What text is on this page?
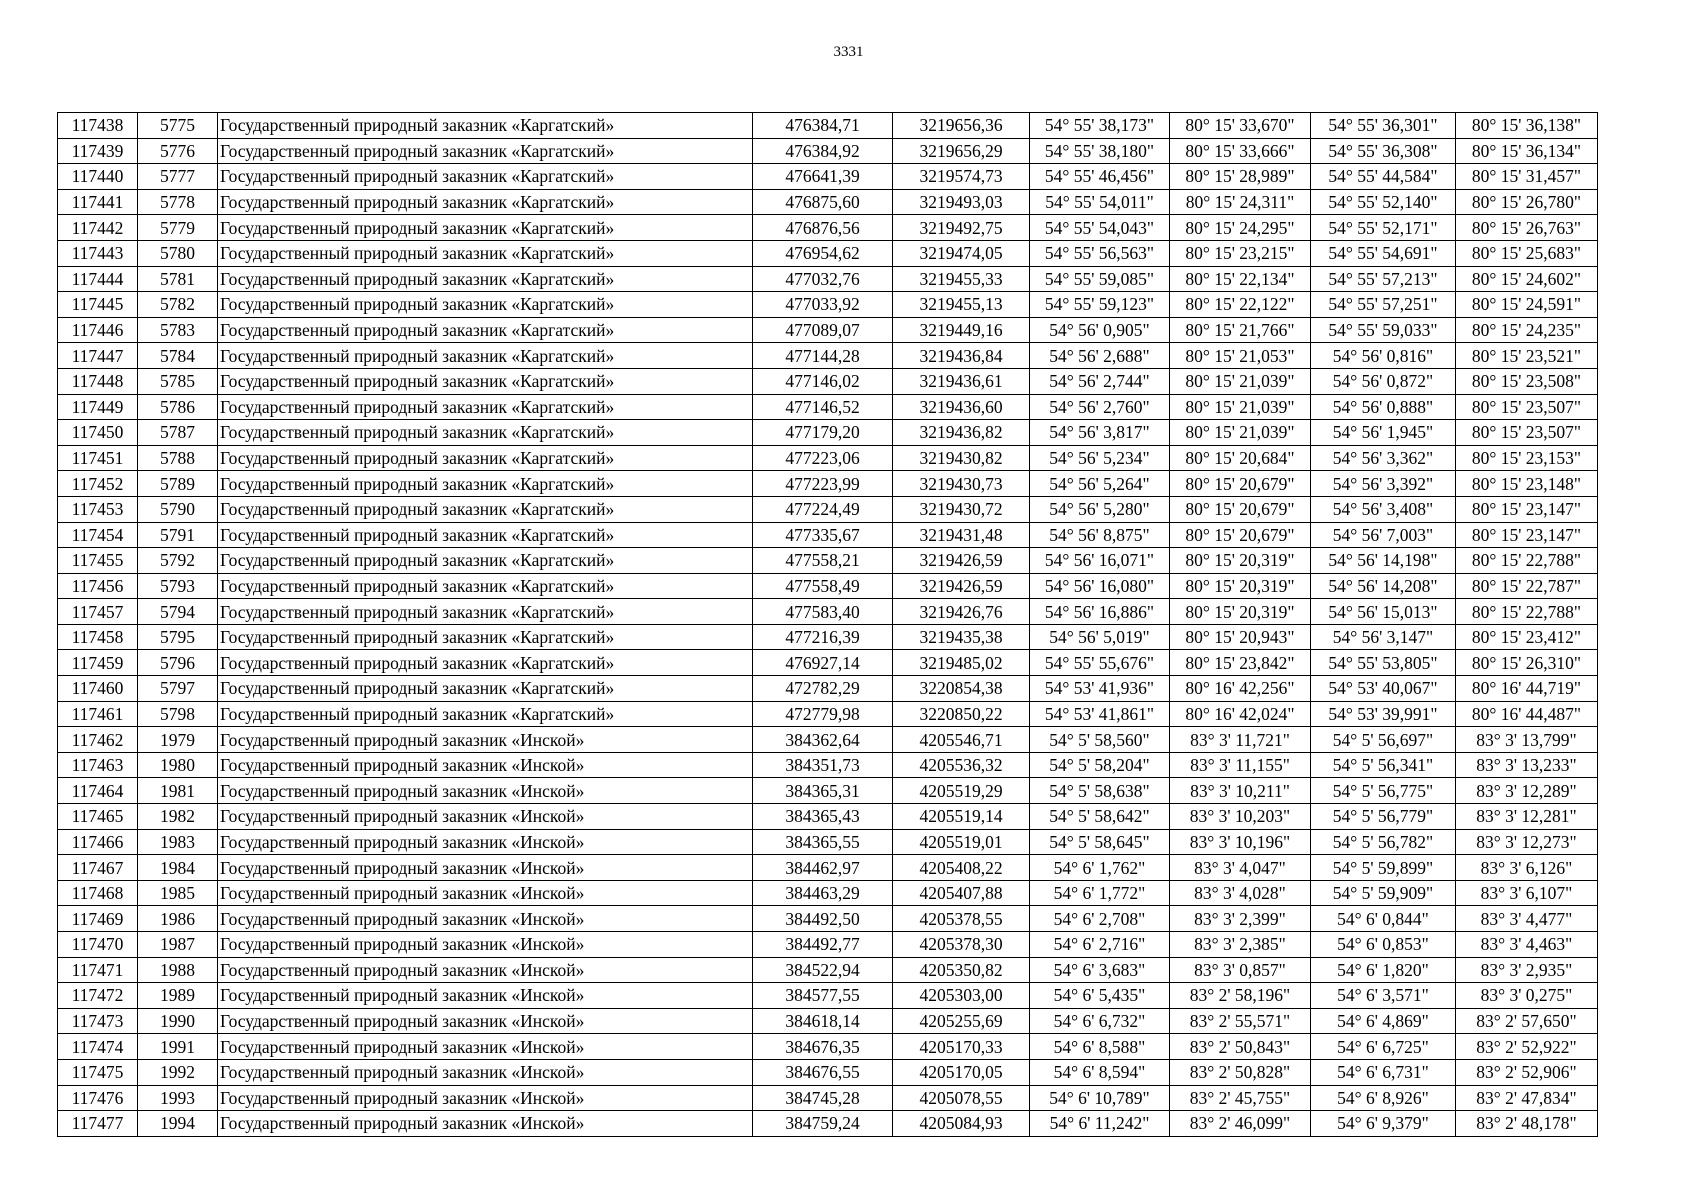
3331
117438	5775	Государственный природный заказник «Каргатский»	476384,71	3219656,36	54° 55' 38,173"	80° 15' 33,670"	54° 55' 36,301"	80° 15' 36,138"
117439	5776	Государственный природный заказник «Каргатский»	476384,92	3219656,29	54° 55' 38,180"	80° 15' 33,666"	54° 55' 36,308"	80° 15' 36,134"
117440	5777	Государственный природный заказник «Каргатский»	476641,39	3219574,73	54° 55' 46,456"	80° 15' 28,989"	54° 55' 44,584"	80° 15' 31,457"
117441	5778	Государственный природный заказник «Каргатский»	476875,60	3219493,03	54° 55' 54,011"	80° 15' 24,311"	54° 55' 52,140"	80° 15' 26,780"
117442	5779	Государственный природный заказник «Каргатский»	476876,56	3219492,75	54° 55' 54,043"	80° 15' 24,295"	54° 55' 52,171"	80° 15' 26,763"
117443	5780	Государственный природный заказник «Каргатский»	476954,62	3219474,05	54° 55' 56,563"	80° 15' 23,215"	54° 55' 54,691"	80° 15' 25,683"
117444	5781	Государственный природный заказник «Каргатский»	477032,76	3219455,33	54° 55' 59,085"	80° 15' 22,134"	54° 55' 57,213"	80° 15' 24,602"
117445	5782	Государственный природный заказник «Каргатский»	477033,92	3219455,13	54° 55' 59,123"	80° 15' 22,122"	54° 55' 57,251"	80° 15' 24,591"
117446	5783	Государственный природный заказник «Каргатский»	477089,07	3219449,16	54° 56' 0,905"	80° 15' 21,766"	54° 55' 59,033"	80° 15' 24,235"
117447	5784	Государственный природный заказник «Каргатский»	477144,28	3219436,84	54° 56' 2,688"	80° 15' 21,053"	54° 56' 0,816"	80° 15' 23,521"
117448	5785	Государственный природный заказник «Каргатский»	477146,02	3219436,61	54° 56' 2,744"	80° 15' 21,039"	54° 56' 0,872"	80° 15' 23,508"
117449	5786	Государственный природный заказник «Каргатский»	477146,52	3219436,60	54° 56' 2,760"	80° 15' 21,039"	54° 56' 0,888"	80° 15' 23,507"
117450	5787	Государственный природный заказник «Каргатский»	477179,20	3219436,82	54° 56' 3,817"	80° 15' 21,039"	54° 56' 1,945"	80° 15' 23,507"
117451	5788	Государственный природный заказник «Каргатский»	477223,06	3219430,82	54° 56' 5,234"	80° 15' 20,684"	54° 56' 3,362"	80° 15' 23,153"
117452	5789	Государственный природный заказник «Каргатский»	477223,99	3219430,73	54° 56' 5,264"	80° 15' 20,679"	54° 56' 3,392"	80° 15' 23,148"
117453	5790	Государственный природный заказник «Каргатский»	477224,49	3219430,72	54° 56' 5,280"	80° 15' 20,679"	54° 56' 3,408"	80° 15' 23,147"
117454	5791	Государственный природный заказник «Каргатский»	477335,67	3219431,48	54° 56' 8,875"	80° 15' 20,679"	54° 56' 7,003"	80° 15' 23,147"
117455	5792	Государственный природный заказник «Каргатский»	477558,21	3219426,59	54° 56' 16,071"	80° 15' 20,319"	54° 56' 14,198"	80° 15' 22,788"
117456	5793	Государственный природный заказник «Каргатский»	477558,49	3219426,59	54° 56' 16,080"	80° 15' 20,319"	54° 56' 14,208"	80° 15' 22,787"
117457	5794	Государственный природный заказник «Каргатский»	477583,40	3219426,76	54° 56' 16,886"	80° 15' 20,319"	54° 56' 15,013"	80° 15' 22,788"
117458	5795	Государственный природный заказник «Каргатский»	477216,39	3219435,38	54° 56' 5,019"	80° 15' 20,943"	54° 56' 3,147"	80° 15' 23,412"
117459	5796	Государственный природный заказник «Каргатский»	476927,14	3219485,02	54° 55' 55,676"	80° 15' 23,842"	54° 55' 53,805"	80° 15' 26,310"
117460	5797	Государственный природный заказник «Каргатский»	472782,29	3220854,38	54° 53' 41,936"	80° 16' 42,256"	54° 53' 40,067"	80° 16' 44,719"
117461	5798	Государственный природный заказник «Каргатский»	472779,98	3220850,22	54° 53' 41,861"	80° 16' 42,024"	54° 53' 39,991"	80° 16' 44,487"
117462	1979	Государственный природный заказник «Инской»	384362,64	4205546,71	54° 5' 58,560"	83° 3' 11,721"	54° 5' 56,697"	83° 3' 13,799"
117463	1980	Государственный природный заказник «Инской»	384351,73	4205536,32	54° 5' 58,204"	83° 3' 11,155"	54° 5' 56,341"	83° 3' 13,233"
117464	1981	Государственный природный заказник «Инской»	384365,31	4205519,29	54° 5' 58,638"	83° 3' 10,211"	54° 5' 56,775"	83° 3' 12,289"
117465	1982	Государственный природный заказник «Инской»	384365,43	4205519,14	54° 5' 58,642"	83° 3' 10,203"	54° 5' 56,779"	83° 3' 12,281"
117466	1983	Государственный природный заказник «Инской»	384365,55	4205519,01	54° 5' 58,645"	83° 3' 10,196"	54° 5' 56,782"	83° 3' 12,273"
117467	1984	Государственный природный заказник «Инской»	384462,97	4205408,22	54° 6' 1,762"	83° 3' 4,047"	54° 5' 59,899"	83° 3' 6,126"
117468	1985	Государственный природный заказник «Инской»	384463,29	4205407,88	54° 6' 1,772"	83° 3' 4,028"	54° 5' 59,909"	83° 3' 6,107"
117469	1986	Государственный природный заказник «Инской»	384492,50	4205378,55	54° 6' 2,708"	83° 3' 2,399"	54° 6' 0,844"	83° 3' 4,477"
117470	1987	Государственный природный заказник «Инской»	384492,77	4205378,30	54° 6' 2,716"	83° 3' 2,385"	54° 6' 0,853"	83° 3' 4,463"
117471	1988	Государственный природный заказник «Инской»	384522,94	4205350,82	54° 6' 3,683"	83° 3' 0,857"	54° 6' 1,820"	83° 3' 2,935"
117472	1989	Государственный природный заказник «Инской»	384577,55	4205303,00	54° 6' 5,435"	83° 2' 58,196"	54° 6' 3,571"	83° 3' 0,275"
117473	1990	Государственный природный заказник «Инской»	384618,14	4205255,69	54° 6' 6,732"	83° 2' 55,571"	54° 6' 4,869"	83° 2' 57,650"
117474	1991	Государственный природный заказник «Инской»	384676,35	4205170,33	54° 6' 8,588"	83° 2' 50,843"	54° 6' 6,725"	83° 2' 52,922"
117475	1992	Государственный природный заказник «Инской»	384676,55	4205170,05	54° 6' 8,594"	83° 2' 50,828"	54° 6' 6,731"	83° 2' 52,906"
117476	1993	Государственный природный заказник «Инской»	384745,28	4205078,55	54° 6' 10,789"	83° 2' 45,755"	54° 6' 8,926"	83° 2' 47,834"
117477	1994	Государственный природный заказник «Инской»	384759,24	4205084,93	54° 6' 11,242"	83° 2' 46,099"	54° 6' 9,379"	83° 2' 48,178"
